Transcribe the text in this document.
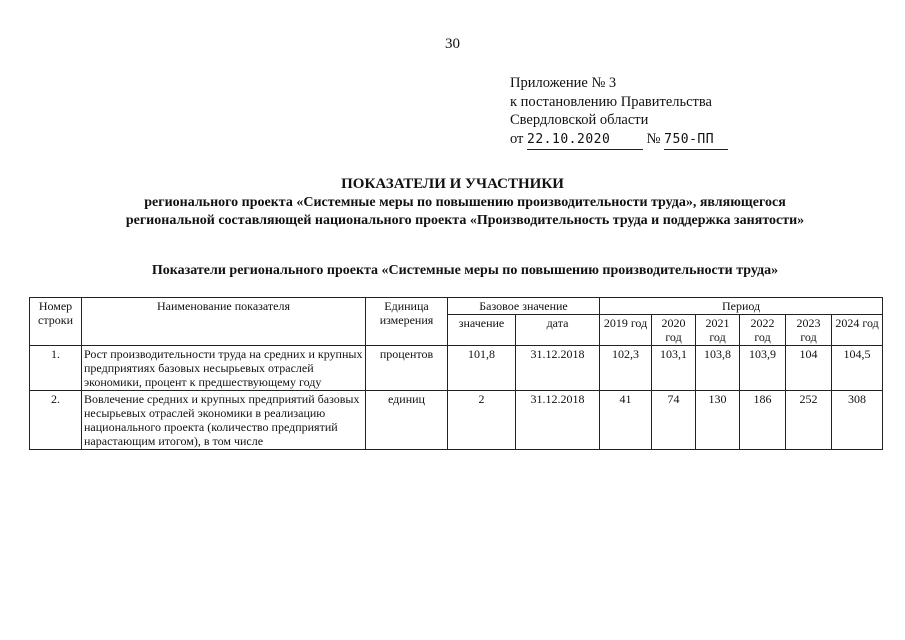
30
Приложение № 3
к постановлению Правительства
Свердловской области
от 22.10.2020	№ 750-ПП
ПОКАЗАТЕЛИ И УЧАСТНИКИ
регионального проекта «Системные меры по повышению производительности труда», являющегося
региональной составляющей национального проекта «Производительность труда и поддержка занятости»
Показатели регионального проекта «Системные меры по повышению производительности труда»
Номер строки	Наименование показателя	Единица измерения	Базовое значение		Период					
			значение	дата	2019 год	2020 год	2021 год	2022 год	2023 год	2024 год
1.	Рост производительности труда на средних и крупных предприятиях базовых несырьевых отраслей экономики, процент к предшествующему году	процентов	101,8	31.12.2018	102,3	103,1	103,8	103,9	104	104,5
2.	Вовлечение средних и крупных предприятий базовых несырьевых отраслей экономики в реализацию национального проекта (количество предприятий нарастающим итогом), в том числе	единиц	2	31.12.2018	41	74	130	186	252	308
